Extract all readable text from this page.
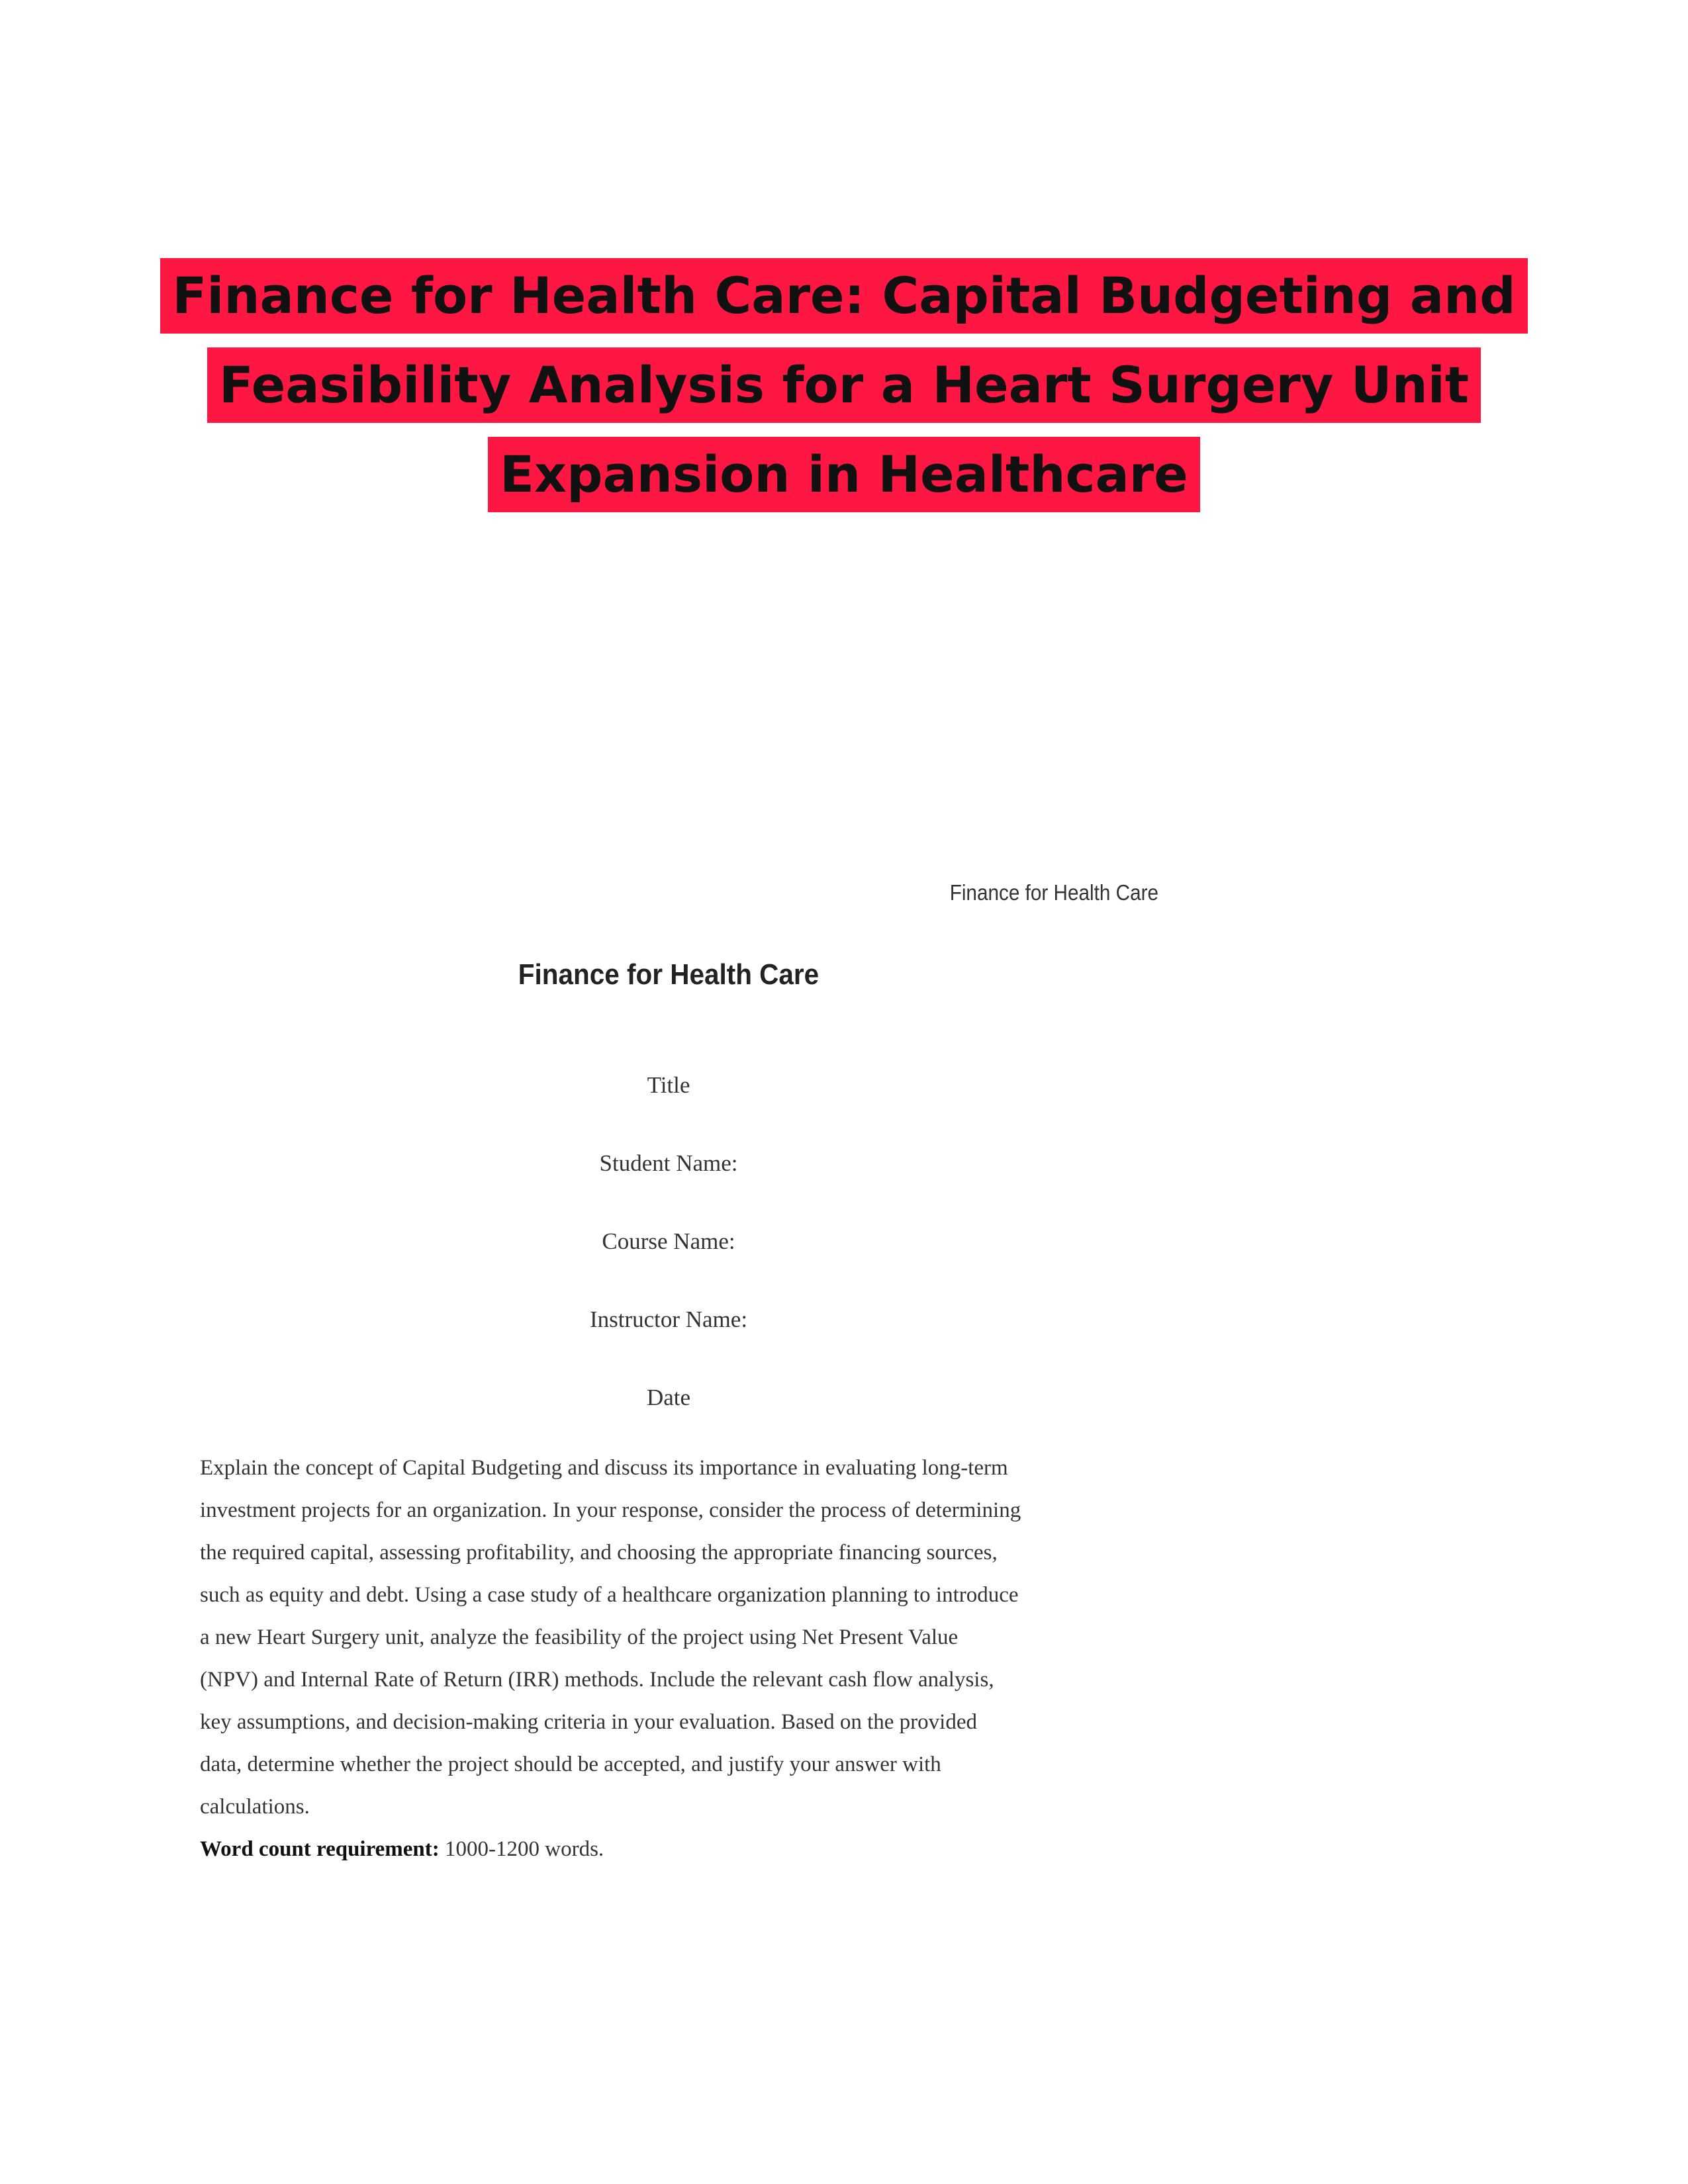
Finance for Health Care: Capital Budgeting and
Feasibility Analysis for a Heart Surgery Unit
Expansion in Healthcare
Finance for Health Care
Finance for Health Care
Title
Student Name:
Course Name:
Instructor Name:
Date
Explain the concept of Capital Budgeting and discuss its importance in evaluating long-term
investment projects for an organization. In your response, consider the process of determining
the required capital, assessing profitability, and choosing the appropriate financing sources,
such as equity and debt. Using a case study of a healthcare organization planning to introduce
a new Heart Surgery unit, analyze the feasibility of the project using Net Present Value
(NPV) and Internal Rate of Return (IRR) methods. Include the relevant cash flow analysis,
key assumptions, and decision-making criteria in your evaluation. Based on the provided
data, determine whether the project should be accepted, and justify your answer with
calculations.
Word count requirement: 1000-1200 words.
